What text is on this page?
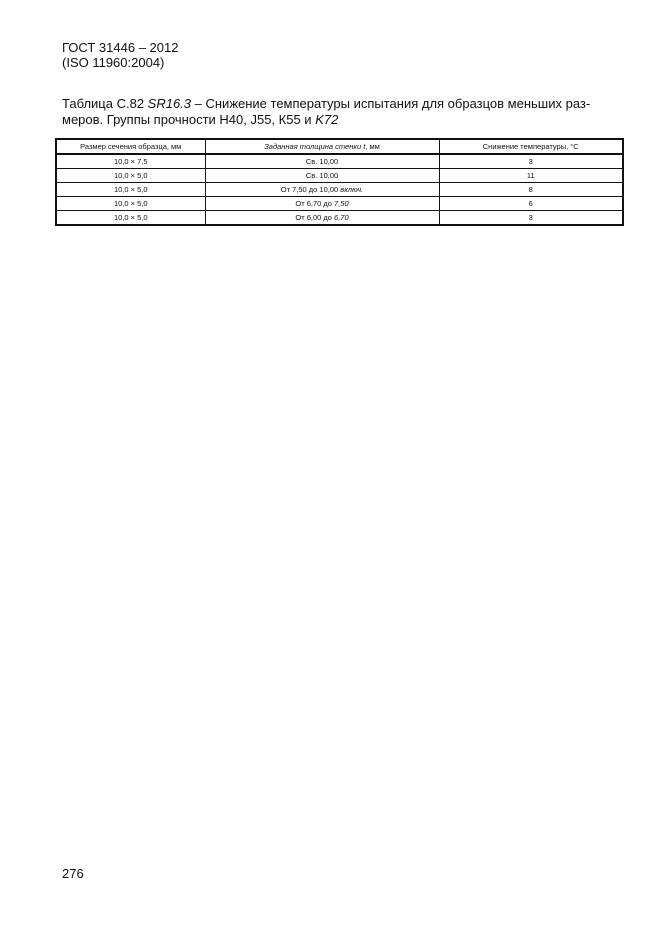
ГОСТ 31446 – 2012
(ISO 11960:2004)
Таблица С.82 SR16.3 – Снижение температуры испытания для образцов меньших раз-меров. Группы прочности Н40, J55, К55 и K72
Размер сечения образца, мм	Заданная толщина стенки t, мм	Снижение температуры, °С
10,0 × 7,5	Св. 10,00	3
10,0 × 5,0	Св. 10,00	11
10,0 × 5,0	От 7,50 до 10,00 включ.	8
10,0 × 5,0	От 6,70 до 7,50	6
10,0 × 5,0	От 6,00 до 6,70	3
276
